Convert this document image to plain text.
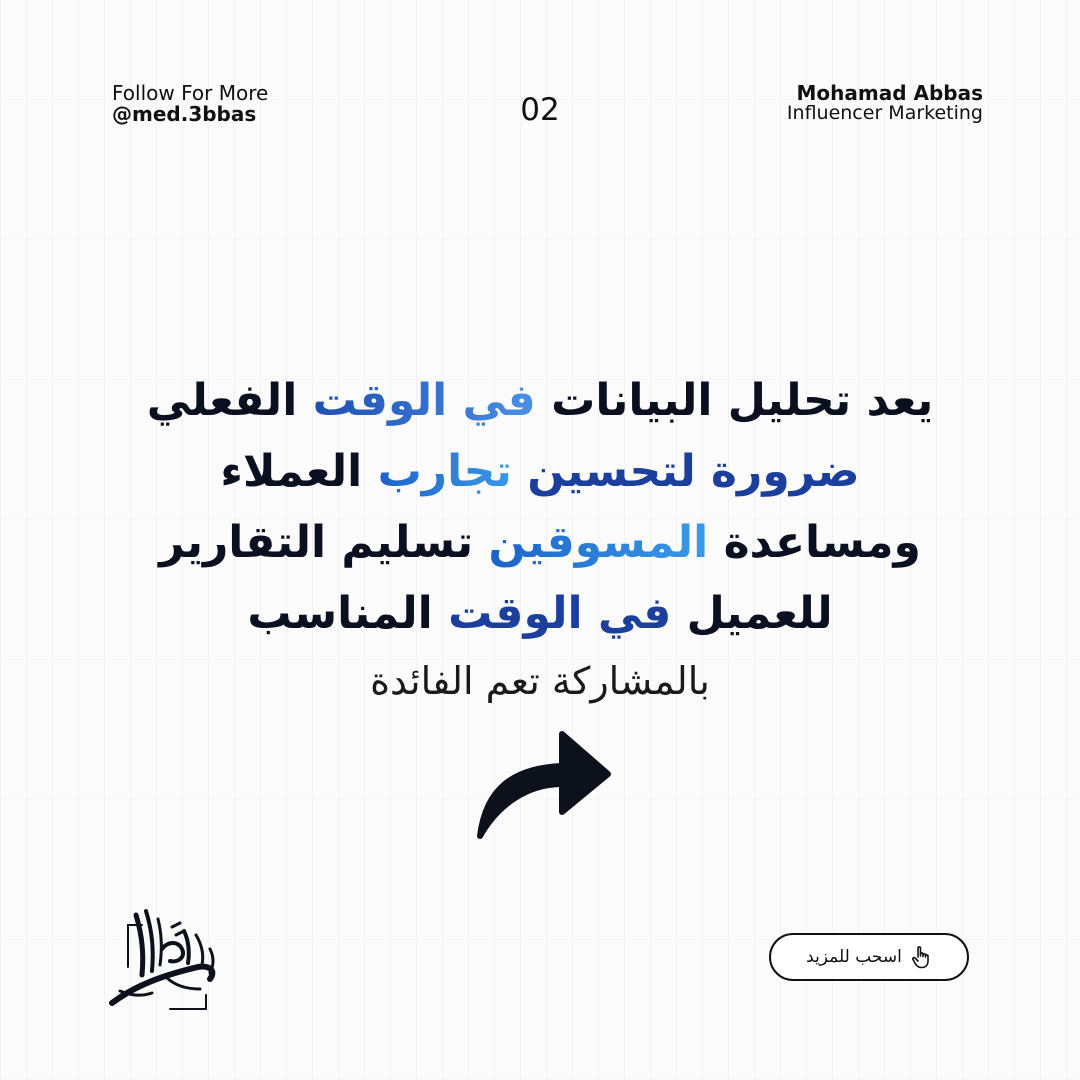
Follow For More
@med.3bbas	02	Mohamad Abbas
Influencer Marketing
يعد تحليل البيانات في الوقت الفعلي
ضرورة لتحسين تجارب العملاء
ومساعدة المسوقين تسليم التقارير
للعميل في الوقت المناسب
بالمشاركة تعم الفائدة
اسحب للمزيد
